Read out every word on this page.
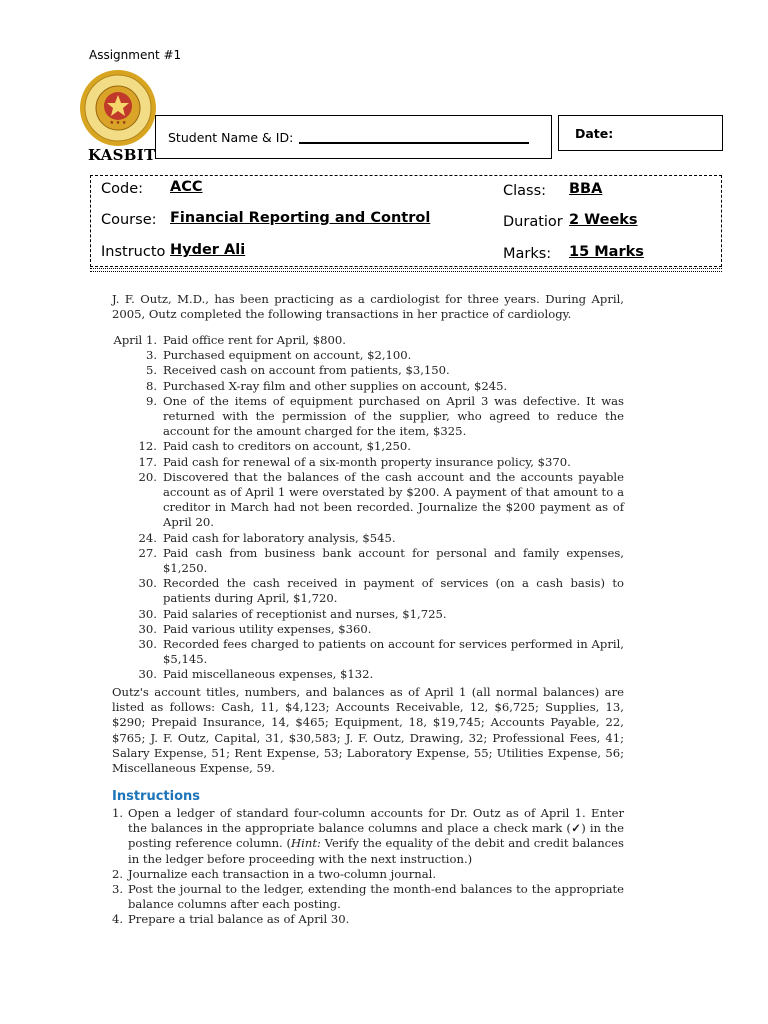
Assignment #1
★ ★ ★
KASBIT
Student Name & ID:	Date:
Code: ACC
Course: Financial Reporting and Control
Instructo Hyder Ali
Class: BBA
Duratior 2 Weeks
Marks: 15 Marks

J. F. Outz, M.D., has been practicing as a cardiologist for three years. During April, 2005, Outz completed the following transactions in her practice of cardiology.

April 1. Paid office rent for April, $800.
3. Purchased equipment on account, $2,100.
5. Received cash on account from patients, $3,150.
8. Purchased X-ray film and other supplies on account, $245.
9. One of the items of equipment purchased on April 3 was defective. It was returned with the permission of the supplier, who agreed to reduce the account for the amount charged for the item, $325.
12. Paid cash to creditors on account, $1,250.
17. Paid cash for renewal of a six-month property insurance policy, $370.
20. Discovered that the balances of the cash account and the accounts payable account as of April 1 were overstated by $200. A payment of that amount to a creditor in March had not been recorded. Journalize the $200 payment as of April 20.
24. Paid cash for laboratory analysis, $545.
27. Paid cash from business bank account for personal and family expenses, $1,250.
30. Recorded the cash received in payment of services (on a cash basis) to patients during April, $1,720.
30. Paid salaries of receptionist and nurses, $1,725.
30. Paid various utility expenses, $360.
30. Recorded fees charged to patients on account for services performed in April, $5,145.
30. Paid miscellaneous expenses, $132.

Outz's account titles, numbers, and balances as of April 1 (all normal balances) are listed as follows: Cash, 11, $4,123; Accounts Receivable, 12, $6,725; Supplies, 13, $290; Prepaid Insurance, 14, $465; Equipment, 18, $19,745; Accounts Payable, 22, $765; J. F. Outz, Capital, 31, $30,583; J. F. Outz, Drawing, 32; Professional Fees, 41; Salary Expense, 51; Rent Expense, 53; Laboratory Expense, 55; Utilities Expense, 56; Miscellaneous Expense, 59.

Instructions
1. Open a ledger of standard four-column accounts for Dr. Outz as of April 1. Enter the balances in the appropriate balance columns and place a check mark (✓) in the posting reference column. (Hint: Verify the equality of the debit and credit balances in the ledger before proceeding with the next instruction.)
2. Journalize each transaction in a two-column journal.
3. Post the journal to the ledger, extending the month-end balances to the appropriate balance columns after each posting.
4. Prepare a trial balance as of April 30.
